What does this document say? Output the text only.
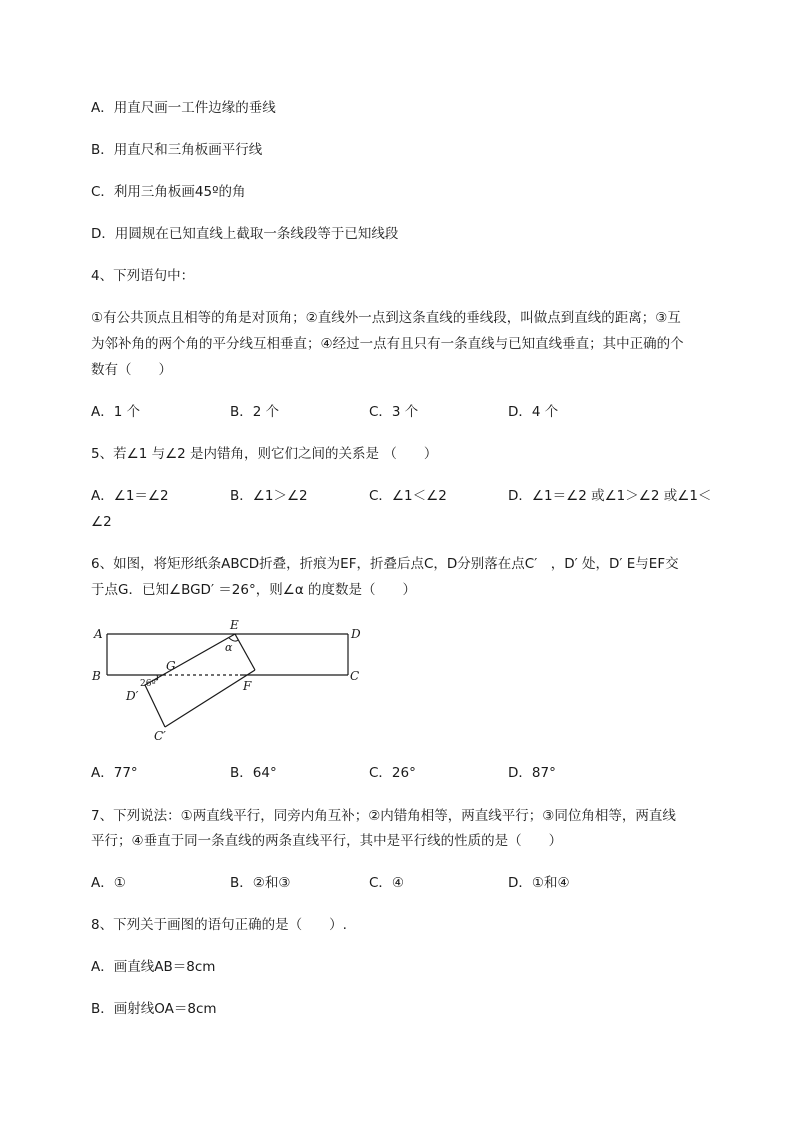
A．用直尺画一工件边缘的垂线
B．用直尺和三角板画平行线
C．利用三角板画45º的角
D．用圆规在已知直线上截取一条线段等于已知线段
4、下列语句中：
①有公共顶点且相等的角是对顶角；②直线外一点到这条直线的垂线段，叫做点到直线的距离；③互
为邻补角的两个角的平分线互相垂直；④经过一点有且只有一条直线与已知直线垂直；其中正确的个
数有（　　）
A．1 个	B．2 个	C．3 个	D．4 个
5、若∠1 与∠2 是内错角，则它们之间的关系是 （　　）
A．∠1＝∠2	B．∠1＞∠2	C．∠1＜∠2	D．∠1＝∠2 或∠1＞∠2 或∠1＜
∠2
6、如图，将矩形纸条ABCD折叠，折痕为EF，折叠后点C，D分别落在点C′　，D′ 处，D′ E与EF交
于点G．已知∠BGD′ ＝26°，则∠α 的度数是（　　）
A
B	C
D
E
F
G
D′
C′
α
26º
A．77°	B．64°	C．26°	D．87°
7、下列说法：①两直线平行，同旁内角互补；②内错角相等，两直线平行；③同位角相等，两直线
平行；④垂直于同一条直线的两条直线平行，其中是平行线的性质的是（　　）
A．①	B．②和③	C．④	D．①和④
8、下列关于画图的语句正确的是（　　）.
A．画直线AB＝8cm
B．画射线OA＝8cm
